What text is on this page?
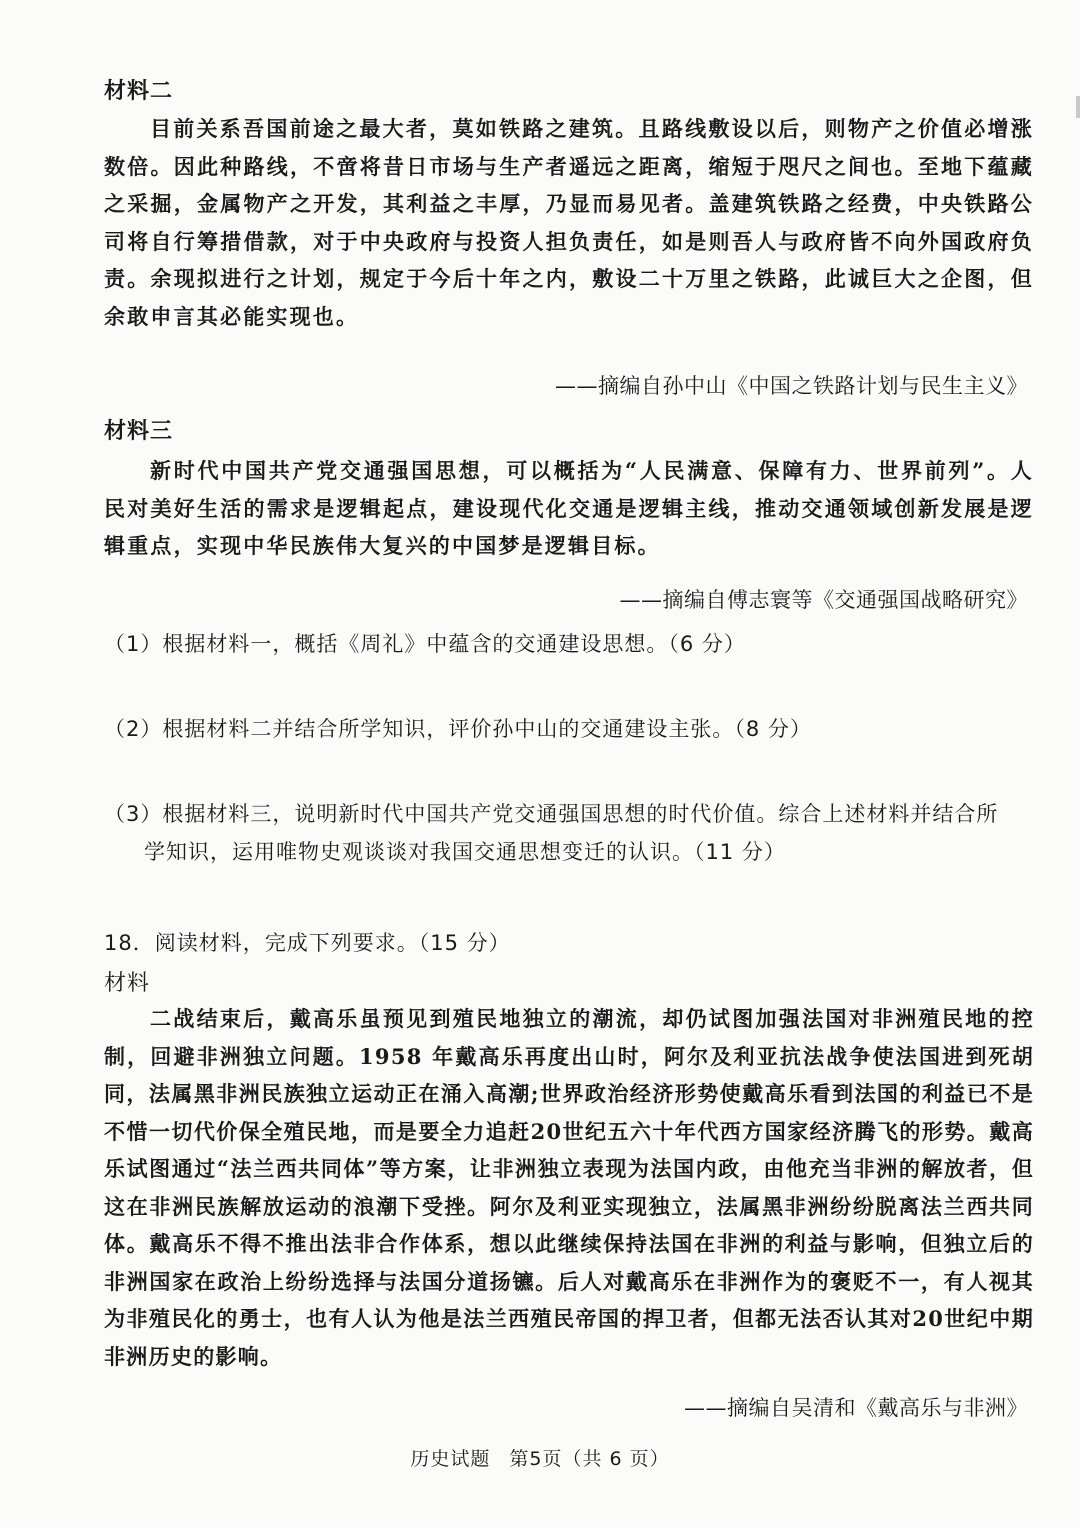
材料二
目前关系吾国前途之最大者，莫如铁路之建筑。且路线敷设以后，则物产之价值必增涨数倍。因此种路线，不啻将昔日市场与生产者遥远之距离，缩短于咫尺之间也。至地下蕴藏之采掘，金属物产之开发，其利益之丰厚，乃显而易见者。盖建筑铁路之经费，中央铁路公司将自行筹措借款，对于中央政府与投资人担负责任，如是则吾人与政府皆不向外国政府负责。余现拟进行之计划，规定于今后十年之内，敷设二十万里之铁路，此诚巨大之企图，但余敢申言其必能实现也。
——摘编自孙中山《中国之铁路计划与民生主义》
材料三
新时代中国共产党交通强国思想，可以概括为“人民满意、保障有力、世界前列”。人民对美好生活的需求是逻辑起点，建设现代化交通是逻辑主线，推动交通领域创新发展是逻辑重点，实现中华民族伟大复兴的中国梦是逻辑目标。
——摘编自傅志寰等《交通强国战略研究》
（1）根据材料一，概括《周礼》中蕴含的交通建设思想。（6 分）
（2）根据材料二并结合所学知识，评价孙中山的交通建设主张。（8 分）
（3）根据材料三，说明新时代中国共产党交通强国思想的时代价值。综合上述材料并结合所
学知识，运用唯物史观谈谈对我国交通思想变迁的认识。（11 分）
18．阅读材料，完成下列要求。（15 分）
材料
二战结束后，戴高乐虽预见到殖民地独立的潮流，却仍试图加强法国对非洲殖民地的控制，回避非洲独立问题。1958 年戴高乐再度出山时，阿尔及利亚抗法战争使法国进到死胡同，法属黑非洲民族独立运动正在涌入高潮;世界政治经济形势使戴高乐看到法国的利益已不是不惜一切代价保全殖民地，而是要全力追赶20世纪五六十年代西方国家经济腾飞的形势。戴高乐试图通过“法兰西共同体”等方案，让非洲独立表现为法国内政，由他充当非洲的解放者，但这在非洲民族解放运动的浪潮下受挫。阿尔及利亚实现独立，法属黑非洲纷纷脱离法兰西共同体。戴高乐不得不推出法非合作体系，想以此继续保持法国在非洲的利益与影响，但独立后的非洲国家在政治上纷纷选择与法国分道扬镳。后人对戴高乐在非洲作为的褒贬不一，有人视其为非殖民化的勇士，也有人认为他是法兰西殖民帝国的捍卫者，但都无法否认其对20世纪中期非洲历史的影响。
——摘编自吴清和《戴高乐与非洲》
历史试题 第5页（共 6 页）
